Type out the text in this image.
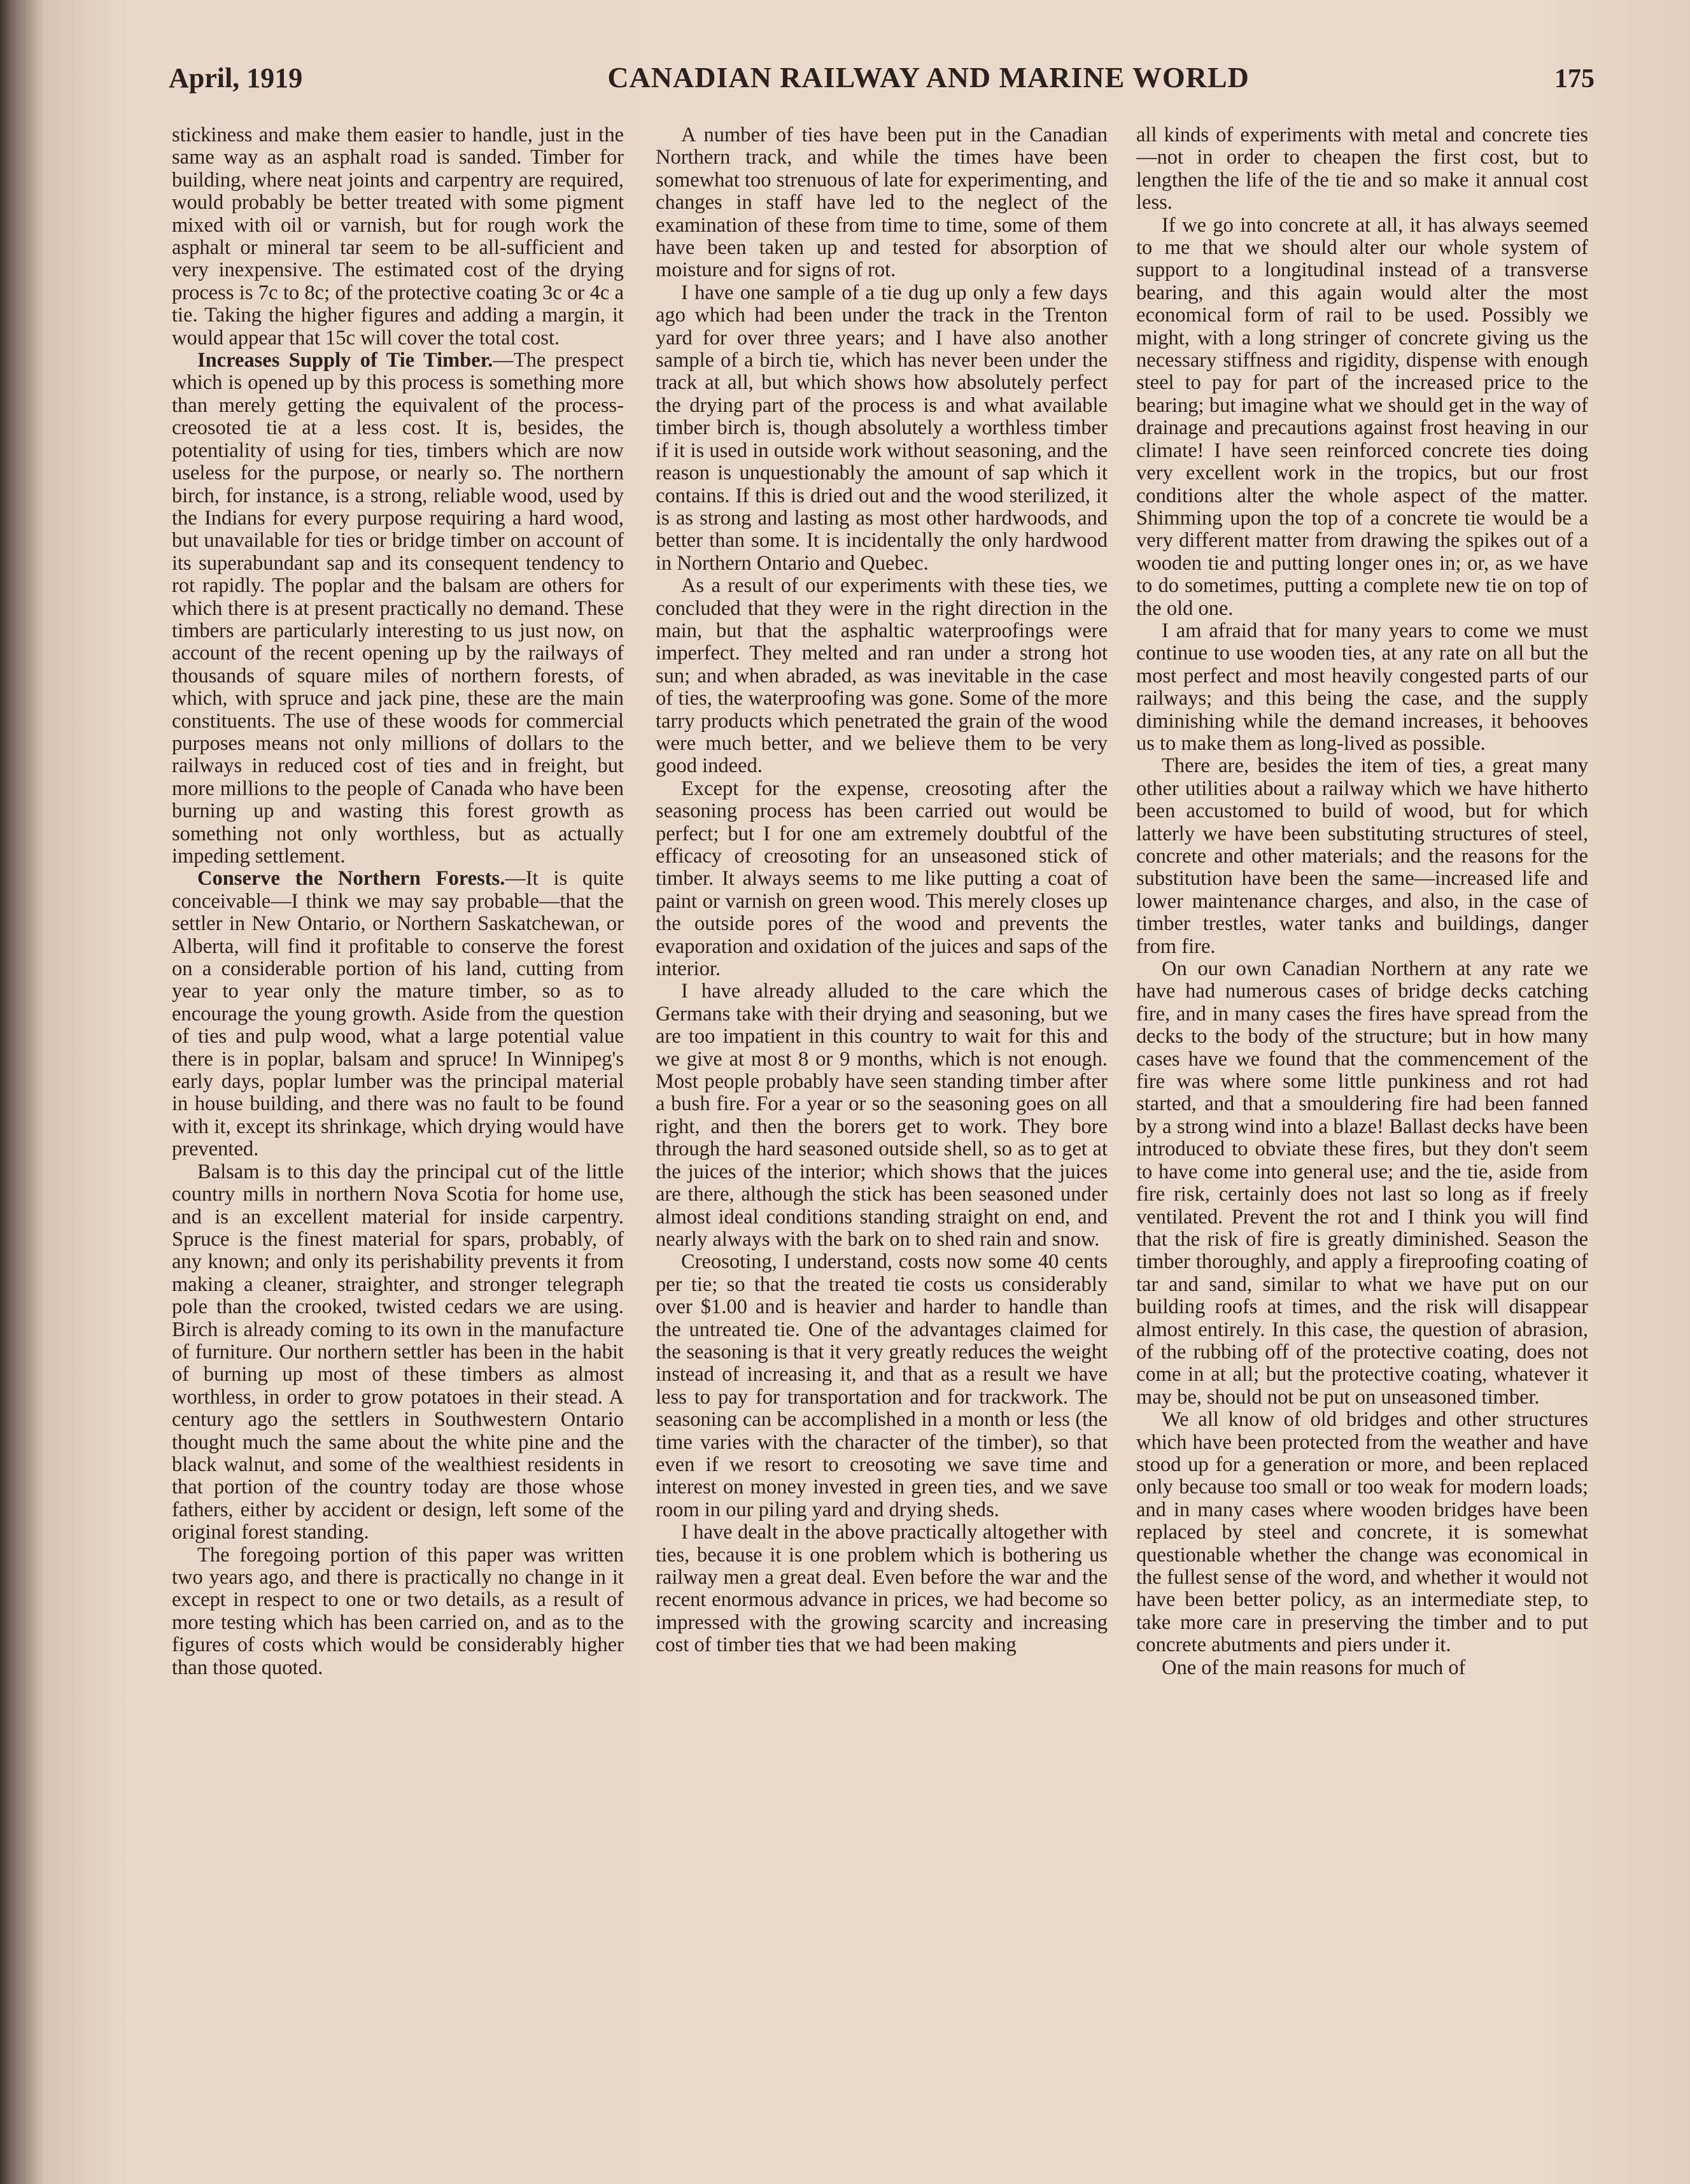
April, 1919	CANADIAN RAILWAY AND MARINE WORLD	175

stickiness and make them easier to handle, just in the same way as an asphalt road is sanded. Timber for building, where neat joints and carpentry are required, would probably be better treated with some pigment mixed with oil or varnish, but for rough work the asphalt or mineral tar seem to be all-sufficient and very inexpensive. The estimated cost of the drying process is 7c to 8c; of the protective coating 3c or 4c a tie. Taking the higher figures and adding a margin, it would appear that 15c will cover the total cost.

Increases Supply of Tie Timber.—The prespect which is opened up by this process is something more than merely getting the equivalent of the process-creosoted tie at a less cost. It is, besides, the potentiality of using for ties, timbers which are now useless for the purpose, or nearly so. The northern birch, for instance, is a strong, reliable wood, used by the Indians for every purpose requiring a hard wood, but unavailable for ties or bridge timber on account of its superabundant sap and its consequent tendency to rot rapidly. The poplar and the balsam are others for which there is at present practically no demand. These timbers are particularly interesting to us just now, on account of the recent opening up by the railways of thousands of square miles of northern forests, of which, with spruce and jack pine, these are the main constituents. The use of these woods for commercial purposes means not only millions of dollars to the railways in reduced cost of ties and in freight, but more millions to the people of Canada who have been burning up and wasting this forest growth as something not only worthless, but as actually impeding settlement.

Conserve the Northern Forests.—It is quite conceivable—I think we may say probable—that the settler in New Ontario, or Northern Saskatchewan, or Alberta, will find it profitable to conserve the forest on a considerable portion of his land, cutting from year to year only the mature timber, so as to encourage the young growth. Aside from the question of ties and pulp wood, what a large potential value there is in poplar, balsam and spruce! In Winnipeg's early days, poplar lumber was the principal material in house building, and there was no fault to be found with it, except its shrinkage, which drying would have prevented.

Balsam is to this day the principal cut of the little country mills in northern Nova Scotia for home use, and is an excellent material for inside carpentry. Spruce is the finest material for spars, probably, of any known; and only its perishability prevents it from making a cleaner, straighter, and stronger telegraph pole than the crooked, twisted cedars we are using. Birch is already coming to its own in the manufacture of furniture. Our northern settler has been in the habit of burning up most of these timbers as almost worthless, in order to grow potatoes in their stead. A century ago the settlers in Southwestern Ontario thought much the same about the white pine and the black walnut, and some of the wealthiest residents in that portion of the country today are those whose fathers, either by accident or design, left some of the original forest standing.

The foregoing portion of this paper was written two years ago, and there is practically no change in it except in respect to one or two details, as a result of more testing which has been carried on, and as to the figures of costs which would be considerably higher than those quoted.

A number of ties have been put in the Canadian Northern track, and while the times have been somewhat too strenuous of late for experimenting, and changes in staff have led to the neglect of the examination of these from time to time, some of them have been taken up and tested for absorption of moisture and for signs of rot.

I have one sample of a tie dug up only a few days ago which had been under the track in the Trenton yard for over three years; and I have also another sample of a birch tie, which has never been under the track at all, but which shows how absolutely perfect the drying part of the process is and what available timber birch is, though absolutely a worthless timber if it is used in outside work without seasoning, and the reason is unquestionably the amount of sap which it contains. If this is dried out and the wood sterilized, it is as strong and lasting as most other hardwoods, and better than some. It is incidentally the only hardwood in Northern Ontario and Quebec.

As a result of our experiments with these ties, we concluded that they were in the right direction in the main, but that the asphaltic waterproofings were imperfect. They melted and ran under a strong hot sun; and when abraded, as was inevitable in the case of ties, the waterproofing was gone. Some of the more tarry products which penetrated the grain of the wood were much better, and we believe them to be very good indeed.

Except for the expense, creosoting after the seasoning process has been carried out would be perfect; but I for one am extremely doubtful of the efficacy of creosoting for an unseasoned stick of timber. It always seems to me like putting a coat of paint or varnish on green wood. This merely closes up the outside pores of the wood and prevents the evaporation and oxidation of the juices and saps of the interior.

I have already alluded to the care which the Germans take with their drying and seasoning, but we are too impatient in this country to wait for this and we give at most 8 or 9 months, which is not enough. Most people probably have seen standing timber after a bush fire. For a year or so the seasoning goes on all right, and then the borers get to work. They bore through the hard seasoned outside shell, so as to get at the juices of the interior; which shows that the juices are there, although the stick has been seasoned under almost ideal conditions standing straight on end, and nearly always with the bark on to shed rain and snow.

Creosoting, I understand, costs now some 40 cents per tie; so that the treated tie costs us considerably over $1.00 and is heavier and harder to handle than the untreated tie. One of the advantages claimed for the seasoning is that it very greatly reduces the weight instead of increasing it, and that as a result we have less to pay for transportation and for trackwork. The seasoning can be accomplished in a month or less (the time varies with the character of the timber), so that even if we resort to creosoting we save time and interest on money invested in green ties, and we save room in our piling yard and drying sheds.

I have dealt in the above practically altogether with ties, because it is one problem which is bothering us railway men a great deal. Even before the war and the recent enormous advance in prices, we had become so impressed with the growing scarcity and increasing cost of timber ties that we had been making

all kinds of experiments with metal and concrete ties—not in order to cheapen the first cost, but to lengthen the life of the tie and so make it annual cost less.

If we go into concrete at all, it has always seemed to me that we should alter our whole system of support to a longitudinal instead of a transverse bearing, and this again would alter the most economical form of rail to be used. Possibly we might, with a long stringer of concrete giving us the necessary stiffness and rigidity, dispense with enough steel to pay for part of the increased price to the bearing; but imagine what we should get in the way of drainage and precautions against frost heaving in our climate! I have seen reinforced concrete ties doing very excellent work in the tropics, but our frost conditions alter the whole aspect of the matter. Shimming upon the top of a concrete tie would be a very different matter from drawing the spikes out of a wooden tie and putting longer ones in; or, as we have to do sometimes, putting a complete new tie on top of the old one.

I am afraid that for many years to come we must continue to use wooden ties, at any rate on all but the most perfect and most heavily congested parts of our railways; and this being the case, and the supply diminishing while the demand increases, it behooves us to make them as long-lived as possible.

There are, besides the item of ties, a great many other utilities about a railway which we have hitherto been accustomed to build of wood, but for which latterly we have been substituting structures of steel, concrete and other materials; and the reasons for the substitution have been the same—increased life and lower maintenance charges, and also, in the case of timber trestles, water tanks and buildings, danger from fire.

On our own Canadian Northern at any rate we have had numerous cases of bridge decks catching fire, and in many cases the fires have spread from the decks to the body of the structure; but in how many cases have we found that the commencement of the fire was where some little punkiness and rot had started, and that a smouldering fire had been fanned by a strong wind into a blaze! Ballast decks have been introduced to obviate these fires, but they don't seem to have come into general use; and the tie, aside from fire risk, certainly does not last so long as if freely ventilated. Prevent the rot and I think you will find that the risk of fire is greatly diminished. Season the timber thoroughly, and apply a fireproofing coating of tar and sand, similar to what we have put on our building roofs at times, and the risk will disappear almost entirely. In this case, the question of abrasion, of the rubbing off of the protective coating, does not come in at all; but the protective coating, whatever it may be, should not be put on unseasoned timber.

We all know of old bridges and other structures which have been protected from the weather and have stood up for a generation or more, and been replaced only because too small or too weak for modern loads; and in many cases where wooden bridges have been replaced by steel and concrete, it is somewhat questionable whether the change was economical in the fullest sense of the word, and whether it would not have been better policy, as an intermediate step, to take more care in preserving the timber and to put concrete abutments and piers under it.

One of the main reasons for much of
